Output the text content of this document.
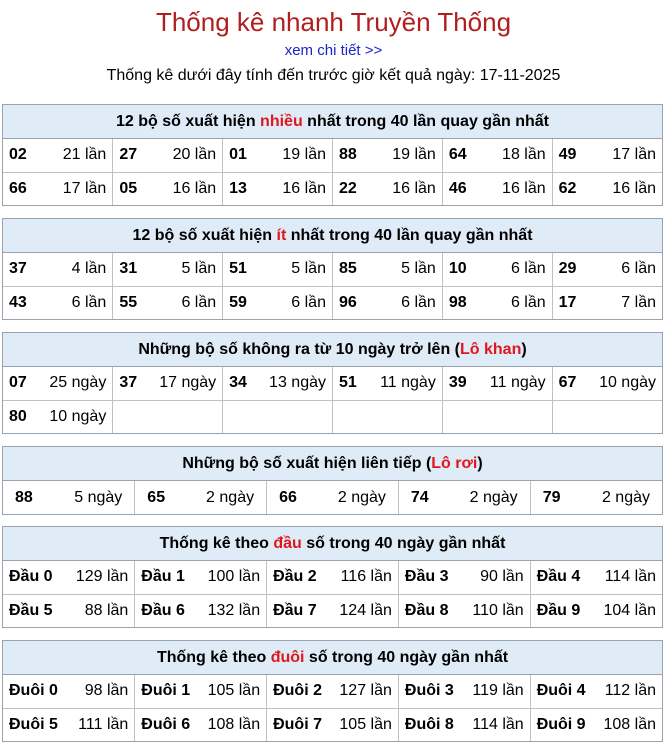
Thống kê nhanh Truyền Thống
xem chi tiết >>
Thống kê dưới đây tính đến trước giờ kết quả ngày: 17-11-2025
12 bộ số xuất hiện nhiều nhất trong 40 lần quay gần nhất
02 21 lần	27 20 lần	01 19 lần	88 19 lần	64 18 lần	49 17 lần

66 17 lần	05 16 lần	13 16 lần	22 16 lần	46 16 lần	62 16 lần
12 bộ số xuất hiện ít nhất trong 40 lần quay gần nhất
37 4 lần	31 5 lần	51 5 lần	85 5 lần	10 6 lần	29 6 lần

43 6 lần	55 6 lần	59 6 lần	96 6 lần	98 6 lần	17 7 lần
Những bộ số không ra từ 10 ngày trở lên (Lô khan)
07 25 ngày	37 17 ngày	34 13 ngày	51 11 ngày	39 11 ngày	67 10 ngày

80 10 ngày					

Những bộ số xuất hiện liên tiếp (Lô rơi)
88	5 ngày	65	2 ngày	66	2 ngày	74	2 ngày	79	2 ngày
Thống kê theo đầu số trong 40 ngày gần nhất
Đầu 0 129 lần	Đầu 1 100 lần	Đầu 2 116 lần	Đầu 3 90 lần	Đầu 4 114 lần

Đầu 5 88 lần	Đầu 6 132 lần	Đầu 7 124 lần	Đầu 8 110 lần	Đầu 9 104 lần
Thống kê theo đuôi số trong 40 ngày gần nhất
Đuôi 0 98 lần	Đuôi 1 105 lần	Đuôi 2 127 lần	Đuôi 3 119 lần	Đuôi 4 112 lần

Đuôi 5 111 lần	Đuôi 6 108 lần	Đuôi 7 105 lần	Đuôi 8 114 lần	Đuôi 9 108 lần
